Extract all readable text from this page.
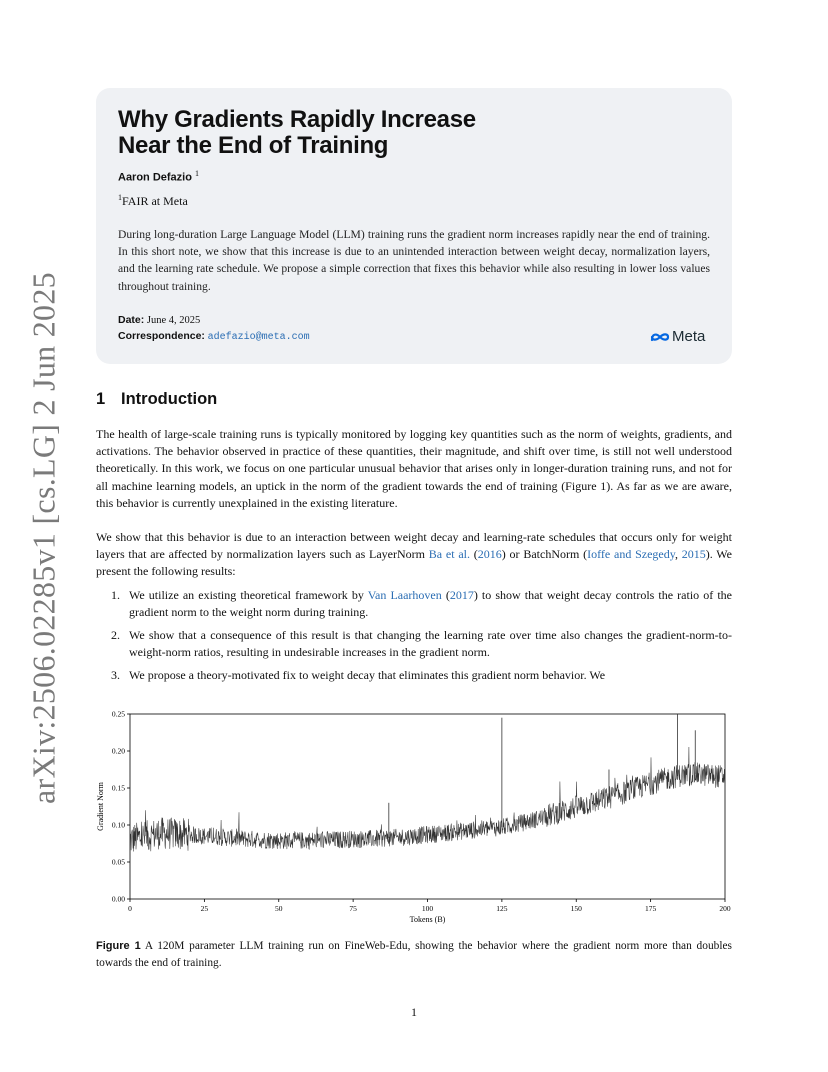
arXiv:2506.02285v1 [cs.LG] 2 Jun 2025
Why Gradients Rapidly Increase
Near the End of Training
Aaron Defazio $^1$
$^1$FAIR at Meta

During long-duration Large Language Model (LLM) training runs the gradient norm increases rapidly near the end of training. In this short note, we show that this increase is due to an unintended interaction between weight decay, normalization layers, and the learning rate schedule. We propose a simple correction that fixes this behavior while also resulting in lower loss values throughout training.

Date: June 4, 2025
Correspondence: adefazio@meta.com	Meta
1 Introduction

The health of large-scale training runs is typically monitored by logging key quantities such as the norm of weights, gradients, and activations. The behavior observed in practice of these quantities, their magnitude, and shift over time, is still not well understood theoretically. In this work, we focus on one particular unusual behavior that arises only in longer-duration training runs, and not for all machine learning models, an uptick in the norm of the gradient towards the end of training (Figure 1). As far as we are aware, this behavior is currently unexplained in the existing literature.

We show that this behavior is due to an interaction between weight decay and learning-rate schedules that occurs only for weight layers that are affected by normalization layers such as LayerNorm Ba et al. (2016) or BatchNorm (Ioffe and Szegedy, 2015). We present the following results:

1. We utilize an existing theoretical framework by Van Laarhoven (2017) to show that weight decay controls the ratio of the gradient norm to the weight norm during training.
2. We show that a consequence of this result is that changing the learning rate over time also changes the gradient-norm-to-weight-norm ratios, resulting in undesirable increases in the gradient norm.
3. We propose a theory-motivated fix to weight decay that eliminates this gradient norm behavior. We
0	25	50	75	100	125	150	175	200
0.00
0.05
0.10
0.15
0.20
0.25
Tokens (B)
Gradient Norm
Figure 1 A 120M parameter LLM training run on FineWeb-Edu, showing the behavior where the gradient norm more than doubles towards the end of training.
1
